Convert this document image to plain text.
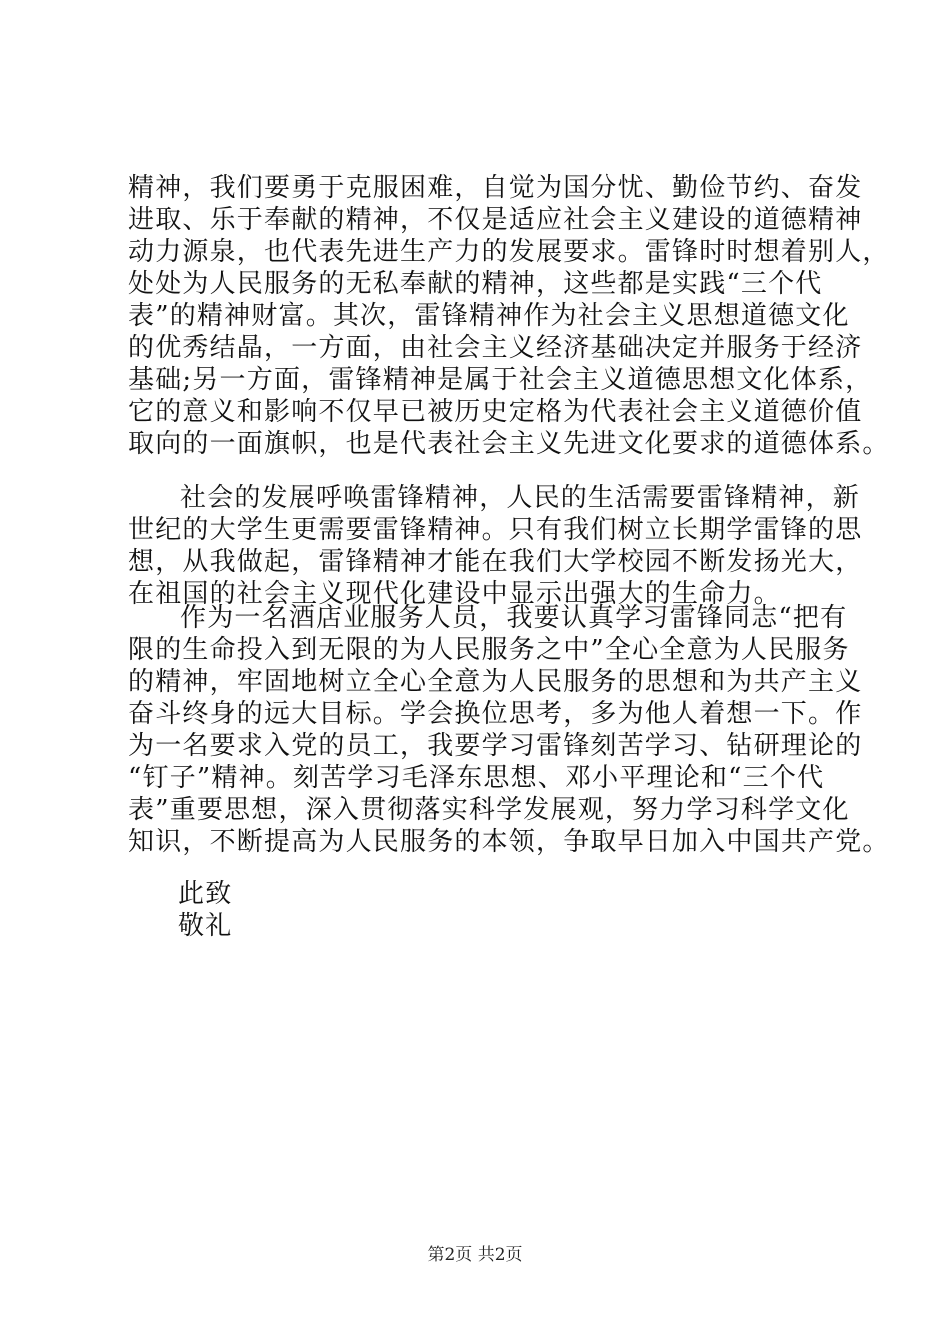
精神，我们要勇于克服困难，自觉为国分忧、勤俭节约、奋发
进取、乐于奉献的精神，不仅是适应社会主义建设的道德精神
动力源泉，也代表先进生产力的发展要求。雷锋时时想着别人，
处处为人民服务的无私奉献的精神，这些都是实践“三个代
表”的精神财富。其次，雷锋精神作为社会主义思想道德文化
的优秀结晶，一方面，由社会主义经济基础决定并服务于经济
基础;另一方面，雷锋精神是属于社会主义道德思想文化体系，
它的意义和影响不仅早已被历史定格为代表社会主义道德价值
取向的一面旗帜，也是代表社会主义先进文化要求的道德体系。
社会的发展呼唤雷锋精神，人民的生活需要雷锋精神，新
世纪的大学生更需要雷锋精神。只有我们树立长期学雷锋的思
想，从我做起，雷锋精神才能在我们大学校园不断发扬光大，
在祖国的社会主义现代化建设中显示出强大的生命力。
作为一名酒店业服务人员，我要认真学习雷锋同志“把有
限的生命投入到无限的为人民服务之中”全心全意为人民服务
的精神，牢固地树立全心全意为人民服务的思想和为共产主义
奋斗终身的远大目标。学会换位思考，多为他人着想一下。作
为一名要求入党的员工，我要学习雷锋刻苦学习、钻研理论的
“钉子”精神。刻苦学习毛泽东思想、邓小平理论和“三个代
表”重要思想，深入贯彻落实科学发展观，努力学习科学文化
知识，不断提高为人民服务的本领，争取早日加入中国共产党。
此致
敬礼
第2页 共2页
